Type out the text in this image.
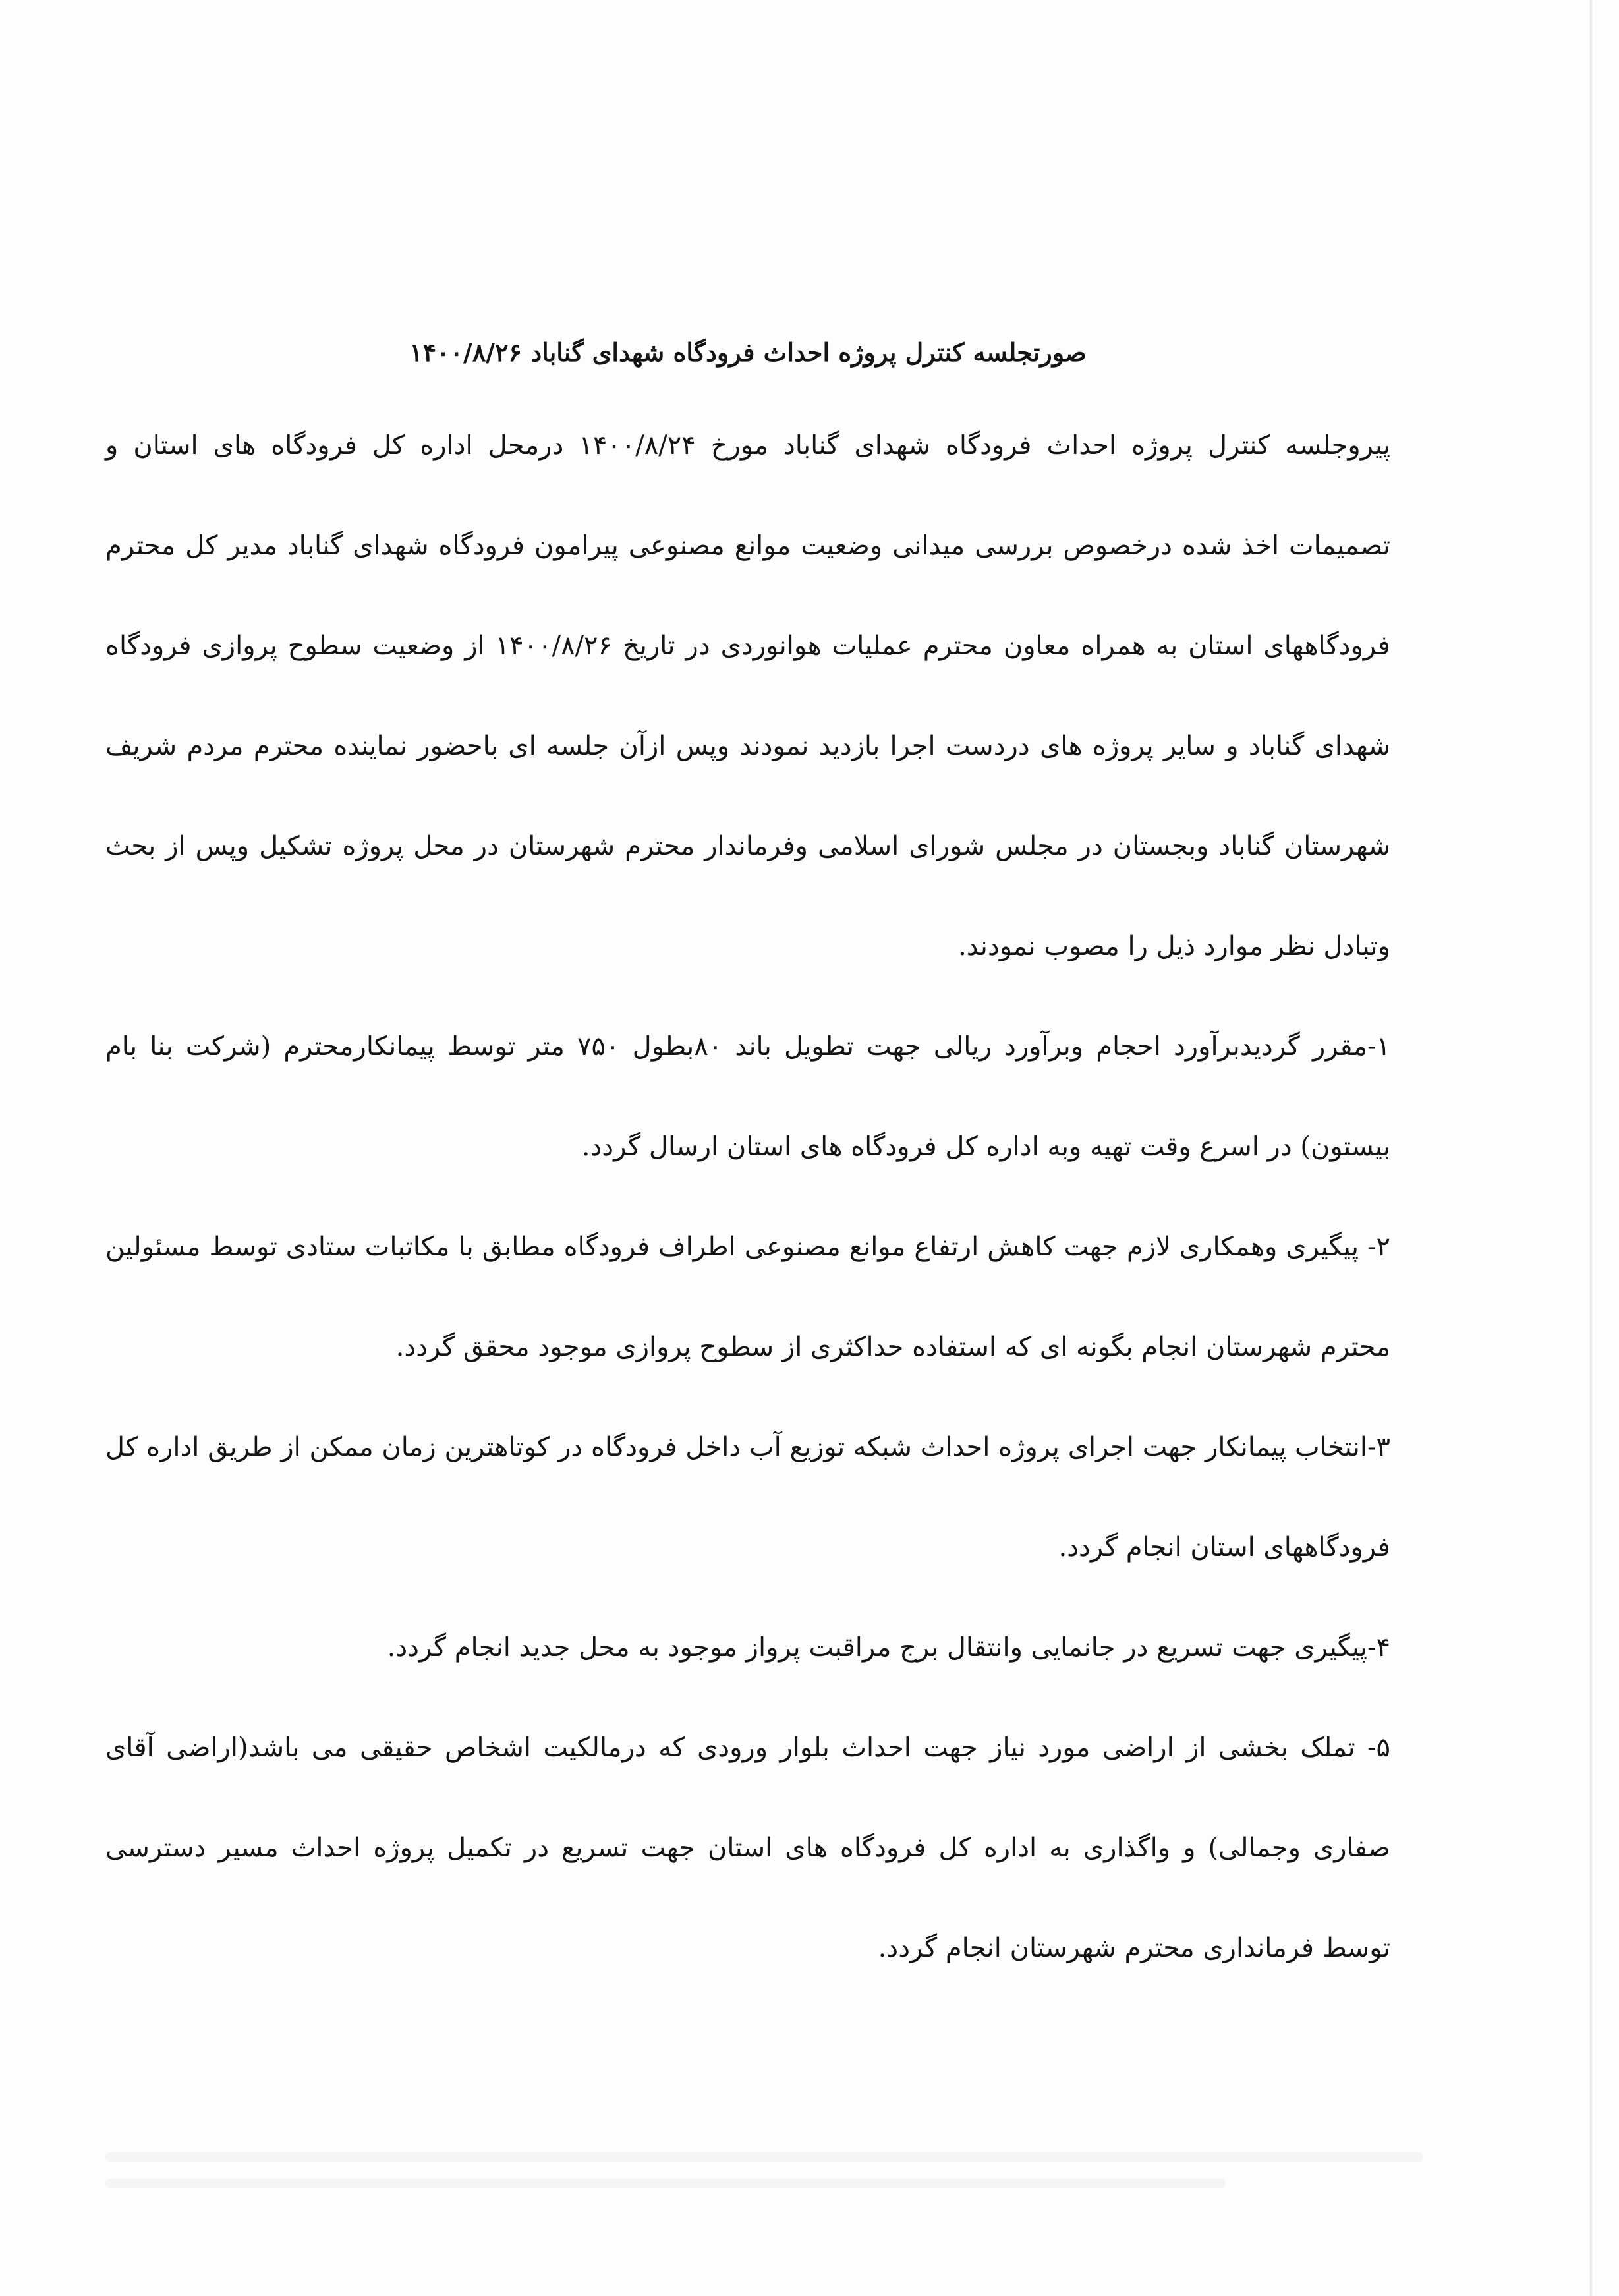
صورتجلسه کنترل پروژه احداث فرودگاه شهدای گناباد ۱۴۰۰/۸/۲۶

پیروجلسه کنترل پروژه احداث فرودگاه شهدای گناباد مورخ ۱۴۰۰/۸/۲۴ درمحل اداره کل فرودگاه های استان و تصمیمات اخذ شده درخصوص بررسی میدانی وضعیت موانع مصنوعی پیرامون فرودگاه شهدای گناباد مدیر کل محترم فرودگاههای استان به همراه معاون محترم عملیات هوانوردی در تاریخ ۱۴۰۰/۸/۲۶ از وضعیت سطوح پروازی فرودگاه شهدای گناباد و سایر پروژه های دردست اجرا بازدید نمودند وپس ازآن جلسه ای باحضور نماینده محترم مردم شریف شهرستان گناباد وبجستان در مجلس شورای اسلامی وفرماندار محترم شهرستان در محل پروژه تشکیل وپس از بحث وتبادل نظر موارد ذیل را مصوب نمودند.

۱-مقرر گردیدبرآورد احجام وبرآورد ریالی جهت تطویل باند ۸۰بطول ۷۵۰ متر توسط پیمانکارمحترم (شرکت بنا بام بیستون) در اسرع وقت تهیه وبه اداره کل فرودگاه های استان ارسال گردد.

۲- پیگیری وهمکاری لازم جهت کاهش ارتفاع موانع مصنوعی اطراف فرودگاه مطابق با مکاتبات ستادی توسط مسئولین محترم شهرستان انجام بگونه ای که استفاده حداکثری از سطوح پروازی موجود محقق گردد.

۳-انتخاب پیمانکار جهت اجرای پروژه احداث شبکه توزیع آب داخل فرودگاه در کوتاهترین زمان ممکن از طریق اداره کل فرودگاههای استان انجام گردد.

۴-پیگیری جهت تسریع در جانمایی وانتقال برج مراقبت پرواز موجود به محل جدید انجام گردد.

۵- تملک بخشی از اراضی مورد نیاز جهت احداث بلوار ورودی که درمالکیت اشخاص حقیقی می باشد(اراضی آقای صفاری وجمالی) و واگذاری به اداره کل فرودگاه های استان جهت تسریع در تکمیل پروژه احداث مسیر دسترسی توسط فرمانداری محترم شهرستان انجام گردد.
